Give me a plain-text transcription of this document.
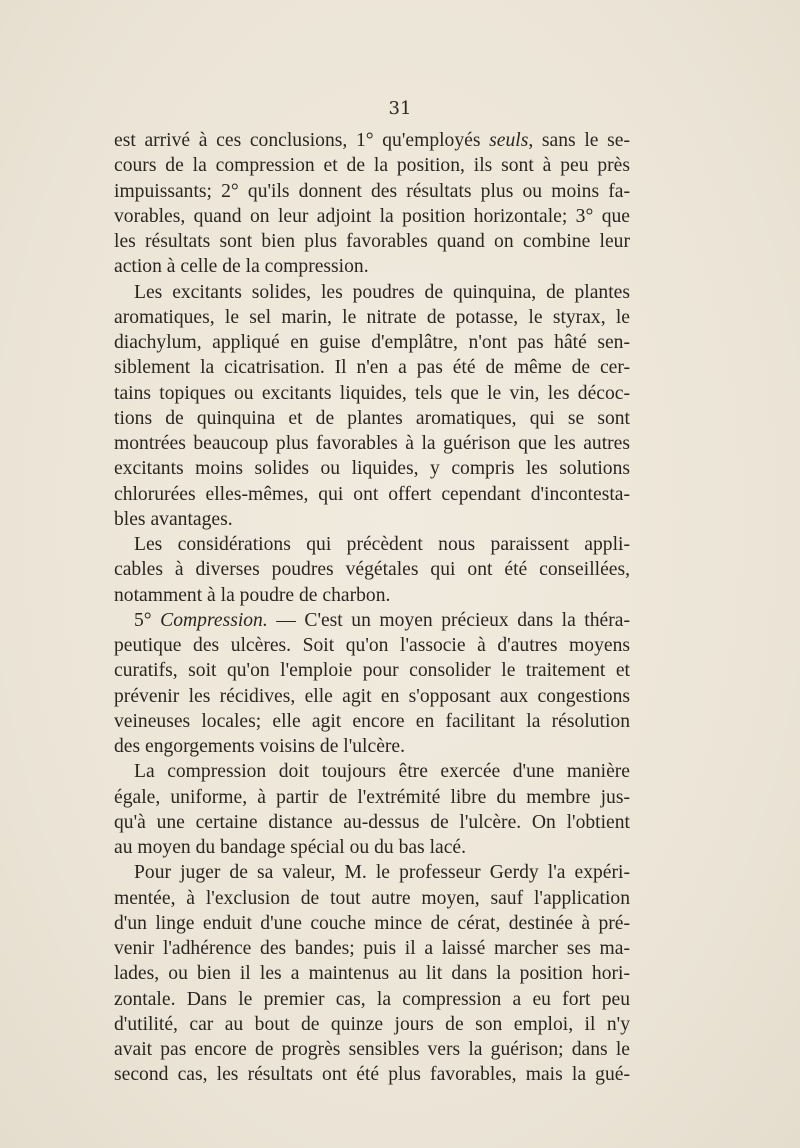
31
est arrivé à ces conclusions, 1° qu'employés seuls, sans le se-
cours de la compression et de la position, ils sont à peu près
impuissants; 2° qu'ils donnent des résultats plus ou moins fa-
vorables, quand on leur adjoint la position horizontale; 3° que
les résultats sont bien plus favorables quand on combine leur
action à celle de la compression.
Les excitants solides, les poudres de quinquina, de plantes
aromatiques, le sel marin, le nitrate de potasse, le styrax, le
diachylum, appliqué en guise d'emplâtre, n'ont pas hâté sen-
siblement la cicatrisation. Il n'en a pas été de même de cer-
tains topiques ou excitants liquides, tels que le vin, les décoc-
tions de quinquina et de plantes aromatiques, qui se sont
montrées beaucoup plus favorables à la guérison que les autres
excitants moins solides ou liquides, y compris les solutions
chlorurées elles-mêmes, qui ont offert cependant d'incontesta-
bles avantages.
Les considérations qui précèdent nous paraissent appli-
cables à diverses poudres végétales qui ont été conseillées,
notamment à la poudre de charbon.
5° Compression. — C'est un moyen précieux dans la théra-
peutique des ulcères. Soit qu'on l'associe à d'autres moyens
curatifs, soit qu'on l'emploie pour consolider le traitement et
prévenir les récidives, elle agit en s'opposant aux congestions
veineuses locales; elle agit encore en facilitant la résolution
des engorgements voisins de l'ulcère.
La compression doit toujours être exercée d'une manière
égale, uniforme, à partir de l'extrémité libre du membre jus-
qu'à une certaine distance au-dessus de l'ulcère. On l'obtient
au moyen du bandage spécial ou du bas lacé.
Pour juger de sa valeur, M. le professeur Gerdy l'a expéri-
mentée, à l'exclusion de tout autre moyen, sauf l'application
d'un linge enduit d'une couche mince de cérat, destinée à pré-
venir l'adhérence des bandes; puis il a laissé marcher ses ma-
lades, ou bien il les a maintenus au lit dans la position hori-
zontale. Dans le premier cas, la compression a eu fort peu
d'utilité, car au bout de quinze jours de son emploi, il n'y
avait pas encore de progrès sensibles vers la guérison; dans le
second cas, les résultats ont été plus favorables, mais la gué-
